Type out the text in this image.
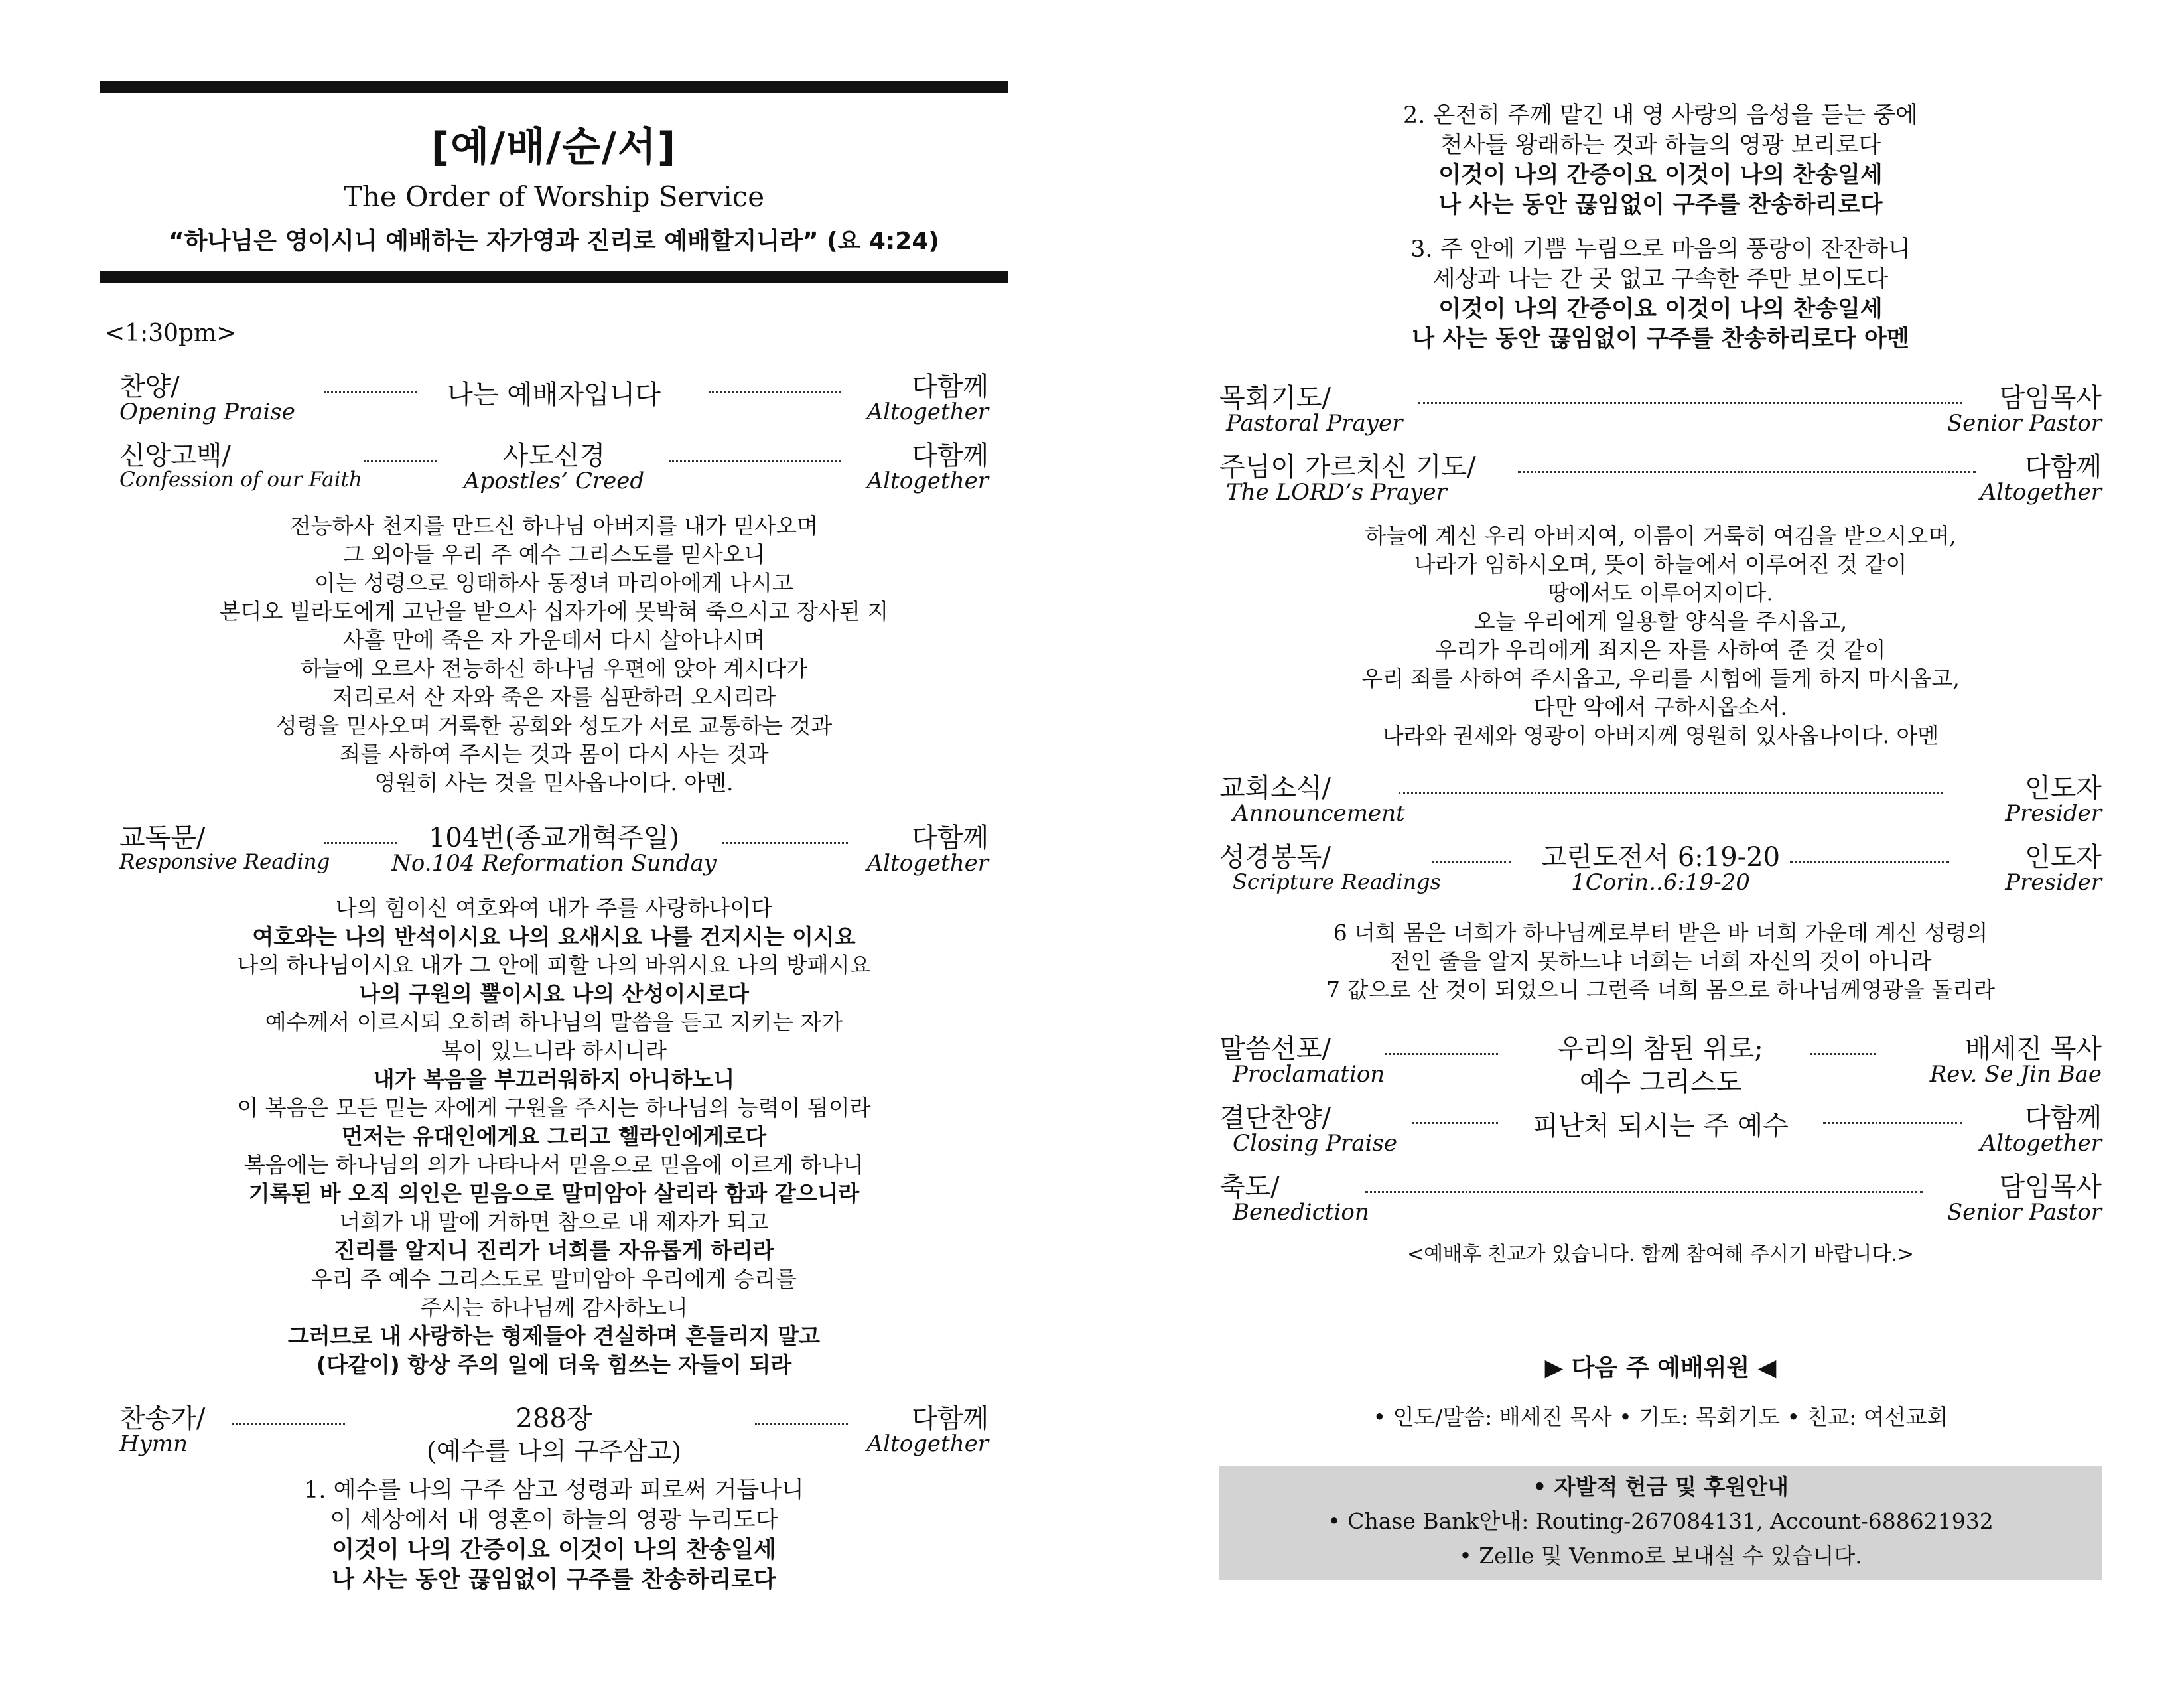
[예/배/순/서]
The Order of Worship Service
“하나님은 영이시니 예배하는 자가영과 진리로 예배할지니라” (요 4:24)
<1:30pm>
찬양/
Opening Praise
나는 예배자입니다	다함께
Altogether
신앙고백/
Confession of our Faith
사도신경
Apostles’ Creed
다함께
Altogether
전능하사 천지를 만드신 하나님 아버지를 내가 믿사오며
그 외아들 우리 주 예수 그리스도를 믿사오니
이는 성령으로 잉태하사 동정녀 마리아에게 나시고
본디오 빌라도에게 고난을 받으사 십자가에 못박혀 죽으시고 장사된 지
사흘 만에 죽은 자 가운데서 다시 살아나시며
하늘에 오르사 전능하신 하나님 우편에 앉아 계시다가
저리로서 산 자와 죽은 자를 심판하러 오시리라
성령을 믿사오며 거룩한 공회와 성도가 서로 교통하는 것과
죄를 사하여 주시는 것과 몸이 다시 사는 것과
영원히 사는 것을 믿사옵나이다. 아멘.
교독문/
Responsive Reading
104번(종교개혁주일)
No.104 Reformation Sunday
다함께
Altogether
나의 힘이신 여호와여 내가 주를 사랑하나이다
여호와는 나의 반석이시요 나의 요새시요 나를 건지시는 이시요
나의 하나님이시요 내가 그 안에 피할 나의 바위시요 나의 방패시요
나의 구원의 뿔이시요 나의 산성이시로다
예수께서 이르시되 오히려 하나님의 말씀을 듣고 지키는 자가
복이 있느니라 하시니라
내가 복음을 부끄러워하지 아니하노니
이 복음은 모든 믿는 자에게 구원을 주시는 하나님의 능력이 됨이라
먼저는 유대인에게요 그리고 헬라인에게로다
복음에는 하나님의 의가 나타나서 믿음으로 믿음에 이르게 하나니
기록된 바 오직 의인은 믿음으로 말미암아 살리라 함과 같으니라
너희가 내 말에 거하면 참으로 내 제자가 되고
진리를 알지니 진리가 너희를 자유롭게 하리라
우리 주 예수 그리스도로 말미암아 우리에게 승리를
주시는 하나님께 감사하노니
그러므로 내 사랑하는 형제들아 견실하며 흔들리지 말고
(다같이) 항상 주의 일에 더욱 힘쓰는 자들이 되라
찬송가/
Hymn
288장
(예수를 나의 구주삼고)
다함께
Altogether
1. 예수를 나의 구주 삼고 성령과 피로써 거듭나니
이 세상에서 내 영혼이 하늘의 영광 누리도다
이것이 나의 간증이요 이것이 나의 찬송일세
나 사는 동안 끊임없이 구주를 찬송하리로다
2. 온전히 주께 맡긴 내 영 사랑의 음성을 듣는 중에
천사들 왕래하는 것과 하늘의 영광 보리로다
이것이 나의 간증이요 이것이 나의 찬송일세
나 사는 동안 끊임없이 구주를 찬송하리로다
3. 주 안에 기쁨 누림으로 마음의 풍랑이 잔잔하니
세상과 나는 간 곳 없고 구속한 주만 보이도다
이것이 나의 간증이요 이것이 나의 찬송일세
나 사는 동안 끊임없이 구주를 찬송하리로다 아멘
목회기도/
Pastoral Prayer
담임목사
Senior Pastor
주님이 가르치신 기도/
The LORD’s Prayer
다함께
Altogether
하늘에 계신 우리 아버지여, 이름이 거룩히 여김을 받으시오며,
나라가 임하시오며, 뜻이 하늘에서 이루어진 것 같이
땅에서도 이루어지이다.
오늘 우리에게 일용할 양식을 주시옵고,
우리가 우리에게 죄지은 자를 사하여 준 것 같이
우리 죄를 사하여 주시옵고, 우리를 시험에 들게 하지 마시옵고,
다만 악에서 구하시옵소서.
나라와 권세와 영광이 아버지께 영원히 있사옵나이다. 아멘
교회소식/
Announcement
인도자
Presider
성경봉독/
Scripture Readings
고린도전서 6:19-20
1Corin..6:19-20
인도자
Presider
6 너희 몸은 너희가 하나님께로부터 받은 바 너희 가운데 계신 성령의
전인 줄을 알지 못하느냐 너희는 너희 자신의 것이 아니라
7 값으로 산 것이 되었으니 그런즉 너희 몸으로 하나님께영광을 돌리라
말씀선포/
Proclamation
우리의 참된 위로;
예수 그리스도
배세진 목사
Rev. Se Jin Bae
결단찬양/
Closing Praise
피난처 되시는 주 예수	다함께
Altogether
축도/
Benediction
담임목사
Senior Pastor
<예배후 친교가 있습니다. 함께 참여해 주시기 바랍니다.>
▶ 다음 주 예배위원 ◀
• 인도/말씀: 배세진 목사 • 기도: 목회기도 • 친교: 여선교회
• 자발적 헌금 및 후원안내
• Chase Bank안내: Routing-267084131, Account-688621932
• Zelle 및 Venmo로 보내실 수 있습니다.
